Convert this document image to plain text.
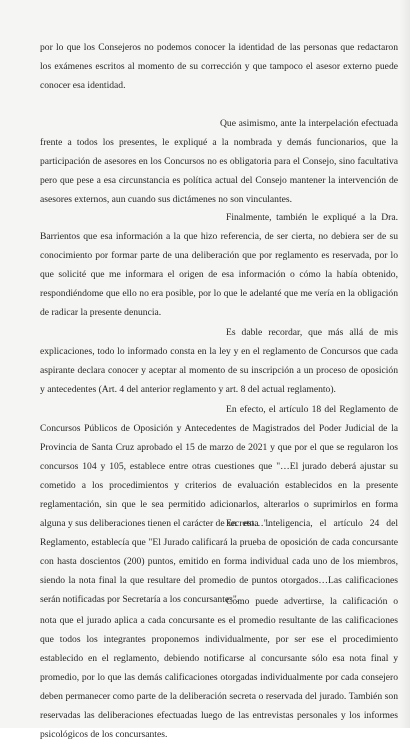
por lo que los Consejeros no podemos conocer la identidad de las personas que redactaron los exámenes escritos al momento de su corrección y que tampoco el asesor externo puede conocer esa identidad.

Que asimismo, ante la interpelación efectuada frente a todos los presentes, le expliqué a la nombrada y demás funcionarios, que la participación de asesores en los Concursos no es obligatoria para el Consejo, sino facultativa pero que pese a esa circunstancia es política actual del Consejo mantener la intervención de asesores externos, aun cuando sus dictámenes no son vinculantes.

Finalmente, también le expliqué a la Dra. Barrientos que esa información a la que hizo referencia, de ser cierta, no debiera ser de su conocimiento por formar parte de una deliberación que por reglamento es reservada, por lo que solicité que me informara el origen de esa información o cómo la había obtenido, respondiéndome que ello no era posible, por lo que le adelanté que me vería en la obligación de radicar la presente denuncia.

Es dable recordar, que más allá de mis explicaciones, todo lo informado consta en la ley y en el reglamento de Concursos que cada aspirante declara conocer y aceptar al momento de su inscripción a un proceso de oposición y antecedentes (Art. 4 del anterior reglamento y art. 8 del actual reglamento).

En efecto, el artículo 18 del Reglamento de Concursos Públicos de Oposición y Antecedentes de Magistrados del Poder Judicial de la Provincia de Santa Cruz aprobado el 15 de marzo de 2021 y que por el que se regularon los concursos 104 y 105, establece entre otras cuestiones que "…El jurado deberá ajustar su cometido a los procedimientos y criterios de evaluación establecidos en la presente reglamentación, sin que le sea permitido adicionarlos, alterarlos o suprimirlos en forma alguna y sus deliberaciones tienen el carácter de secreto…".

En esta inteligencia, el artículo 24 del Reglamento, establecía que "El Jurado calificará la prueba de oposición de cada concursante con hasta doscientos (200) puntos, emitido en forma individual cada uno de los miembros, siendo la nota final la que resultare del promedio de puntos otorgados…Las calificaciones serán notificadas por Secretaría a los concursantes".

Como puede advertirse, la calificación o nota que el jurado aplica a cada concursante es el promedio resultante de las calificaciones que todos los integrantes proponemos individualmente, por ser ese el procedimiento establecido en el reglamento, debiendo notificarse al concursante sólo esa nota final y promedio, por lo que las demás calificaciones otorgadas individualmente por cada consejero deben permanecer como parte de la deliberación secreta o reservada del jurado. También son reservadas las deliberaciones efectuadas luego de las entrevistas personales y los informes psicológicos de los concursantes.
